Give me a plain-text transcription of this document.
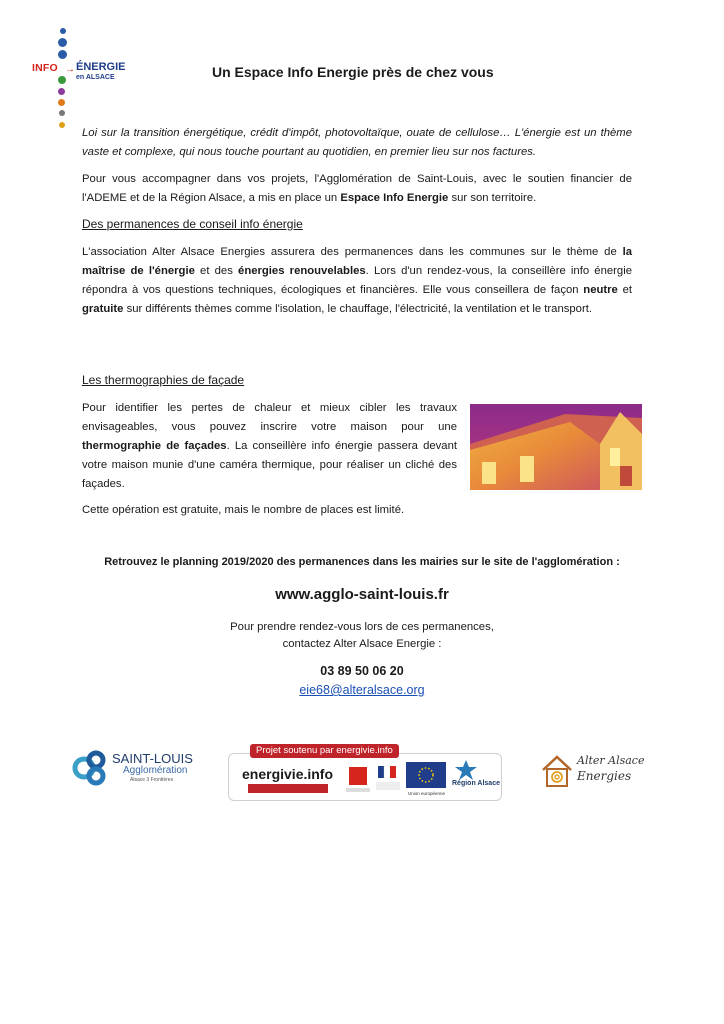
INFO → ÉNERGIE
en ALSACE	Un Espace Info Energie près de chez vous
Loi sur la transition énergétique, crédit d'impôt, photovoltaïque, ouate de cellulose… L'énergie est un thème vaste et complexe, qui nous touche pourtant au quotidien, en premier lieu sur nos factures.
Pour vous accompagner dans vos projets, l'Agglomération de Saint-Louis, avec le soutien financier de l'ADEME et de la Région Alsace, a mis en place un Espace Info Energie sur son territoire.
Des permanences de conseil info énergie
L'association Alter Alsace Energies assurera des permanences dans les communes sur le thème de la maîtrise de l'énergie et des énergies renouvelables. Lors d'un rendez-vous, la conseillère info énergie répondra à vos questions techniques, écologiques et financières. Elle vous conseillera de façon neutre et gratuite sur différents thèmes comme l'isolation, le chauffage, l'électricité, la ventilation et le transport.
Les thermographies de façade
Pour identifier les pertes de chaleur et mieux cibler les travaux envisageables, vous pouvez inscrire votre maison pour une thermographie de façades. La conseillère info énergie passera devant votre maison munie d'une caméra thermique, pour réaliser un cliché des façades.
Cette opération est gratuite, mais le nombre de places est limité.
Retrouvez le planning 2019/2020 des permanences dans les mairies sur le site de l'agglomération :
www.agglo-saint-louis.fr
Pour prendre rendez-vous lors de ces permanences,
contactez Alter Alsace Energie :
03 89 50 06 20
eie68@alteralsace.org
SAINT-LOUIS
Agglomération
Alsace 3 Frontières
Projet soutenu par energivie.info
energivie.info
Union européenne
Région Alsace
Alter Alsace
Energies
